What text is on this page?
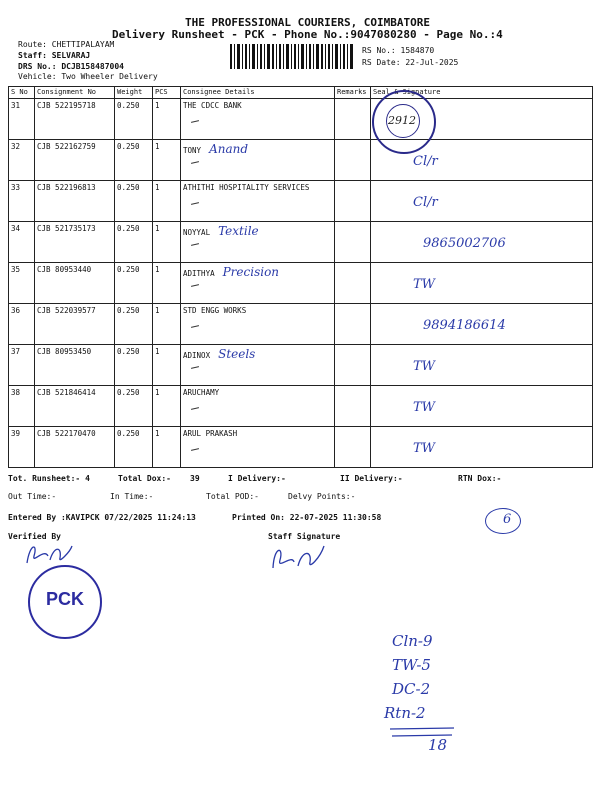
THE PROFESSIONAL COURIERS, COIMBATORE
Delivery Runsheet - PCK - Phone No.:9047080280 - Page No.:4
Route: CHETTIPALAYAM
Staff: SELVARAJ
DRS No.: DCJB158487004
Vehicle: Two Wheeler Delivery
RS No.: 1584870
RS Date: 22-Jul-2025
S No	Consignment No	Weight	PCS	Consignee Details	Remarks	Seal & Signature
31	CJB 522195718	0.250	1	THE CDCC BANK

32	CJB 522162759	0.250	1	TONY Anand		Cl/r

33	CJB 522196813	0.250	1	ATHITHI HOSPITALITY SERVICES		Cl/r

34	CJB 521735173	0.250	1	NOYYAL Textile		9865002706

35	CJB 80953440	0.250	1	ADITHYA Precision		TW

36	CJB 522039577	0.250	1	STD ENGG WORKS		9894186614

37	CJB 80953450	0.250	1	ADINOX Steels		TW

38	CJB 521846414	0.250	1	ARUCHAMY		TW

39	CJB 522170470	0.250	1	ARUL PRAKASH		TW
2912
Tot. Runsheet:- 4	Total Dox:- 39	I Delivery:-	II Delivery:-	RTN Dox:-
Out Time:-	In Time:-	Total POD:-	Delvy Points:-
Entered By :KAVIPCK 07/22/2025 11:24:13	Printed On: 22-07-2025 11:30:58
Verified By	Staff Signature
6
PCK
Cln-9
TW-5
DC-2
Rtn-2
18
